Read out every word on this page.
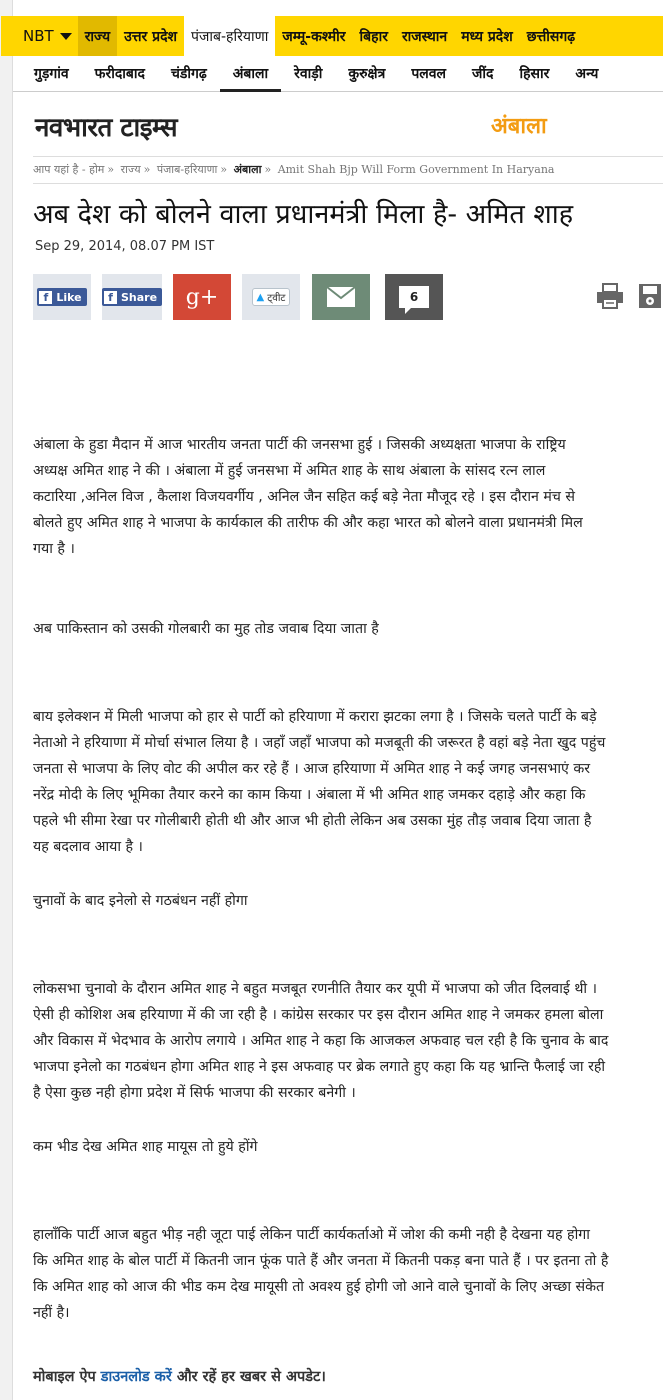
NBT	राज्य	उत्तर प्रदेश	पंजाब-हरियाणा	जम्मू-कश्मीर	बिहार	राजस्थान	मध्य प्रदेश	छत्तीसगढ़
गुड़गांव	फरीदाबाद	चंडीगढ़	अंबाला	रेवाड़ी	कुरुक्षेत्र	पलवल	जींद	हिसार	अन्य
नवभारत टाइम्स	अंबाला
आप यहां है - होम » राज्य » पंजाब-हरियाणा » अंबाला » Amit Shah Bjp Will Form Government In Haryana
अब देश को बोलने वाला प्रधानमंत्री मिला है- अमित शाह
Sep 29, 2014, 08.07 PM IST
f Like	f Share g+	▲ ट्वीट	6

अंबाला के हुडा मैदान में आज भारतीय जनता पार्टी की जनसभा हुई । जिसकी अध्यक्षता भाजपा के राष्ट्रिय

अध्यक्ष अमित शाह ने की । अंबाला में हुई जनसभा में अमित शाह के साथ अंबाला के सांसद रत्न लाल

कटारिया ,अनिल विज , कैलाश विजयवर्गीय , अनिल जैन सहित कई बड़े नेता मौजूद रहे । इस दौरान मंच से

बोलते हुए अमित शाह ने भाजपा के कार्यकाल की तारीफ की और कहा भारत को बोलने वाला प्रधानमंत्री मिल

गया है ।

अब पाकिस्तान को उसकी गोलबारी का मुह तोड जवाब दिया जाता है

बाय इलेक्शन में मिली भाजपा को हार से पार्टी को हरियाणा में करारा झटका लगा है । जिसके चलते पार्टी के बड़े

नेताओ ने हरियाणा में मोर्चा संभाल लिया है । जहाँ जहाँ भाजपा को मजबूती की जरूरत है वहां बड़े नेता खुद पहुंच

जनता से भाजपा के लिए वोट की अपील कर रहे हैं । आज हरियाणा में अमित शाह ने कई जगह जनसभाएं कर

नरेंद्र मोदी के लिए भूमिका तैयार करने का काम किया । अंबाला में भी अमित शाह जमकर दहाड़े और कहा कि

पहले भी सीमा रेखा पर गोलीबारी होती थी और आज भी होती लेकिन अब उसका मुंह तौड़ जवाब दिया जाता है

यह बदलाव आया है ।

चुनावों के बाद इनेलो से गठबंधन नहीं होगा

लोकसभा चुनावो के दौरान अमित शाह ने बहुत मजबूत रणनीति तैयार कर यूपी में भाजपा को जीत दिलवाई थी ।

ऐसी ही कोशिश अब हरियाणा में की जा रही है । कांग्रेस सरकार पर इस दौरान अमित शाह ने जमकर हमला बोला

और विकास में भेदभाव के आरोप लगाये । अमित शाह ने कहा कि आजकल अफवाह चल रही है कि चुनाव के बाद

भाजपा इनेलो का गठबंधन होगा अमित शाह ने इस अफवाह पर ब्रेक लगाते हुए कहा कि यह भ्रान्ति फैलाई जा रही

है ऐसा कुछ नही होगा प्रदेश में सिर्फ भाजपा की सरकार बनेगी ।

कम भीड देख अमित शाह मायूस तो हुये होंगे

हालाँकि पार्टी आज बहुत भीड़ नही जूटा पाई लेकिन पार्टी कार्यकर्ताओ में जोश की कमी नही है देखना यह होगा

कि अमित शाह के बोल पार्टी में कितनी जान फूंक पाते हैं और जनता में कितनी पकड़ बना पाते हैं । पर इतना तो है

कि अमित शाह को आज की भीड कम देख मायूसी तो अवश्य हुई होगी जो आने वाले चुनावों के लिए अच्छा संकेत

नहीं है।

मोबाइल ऐप डाउनलोड करें और रहें हर खबर से अपडेट।
